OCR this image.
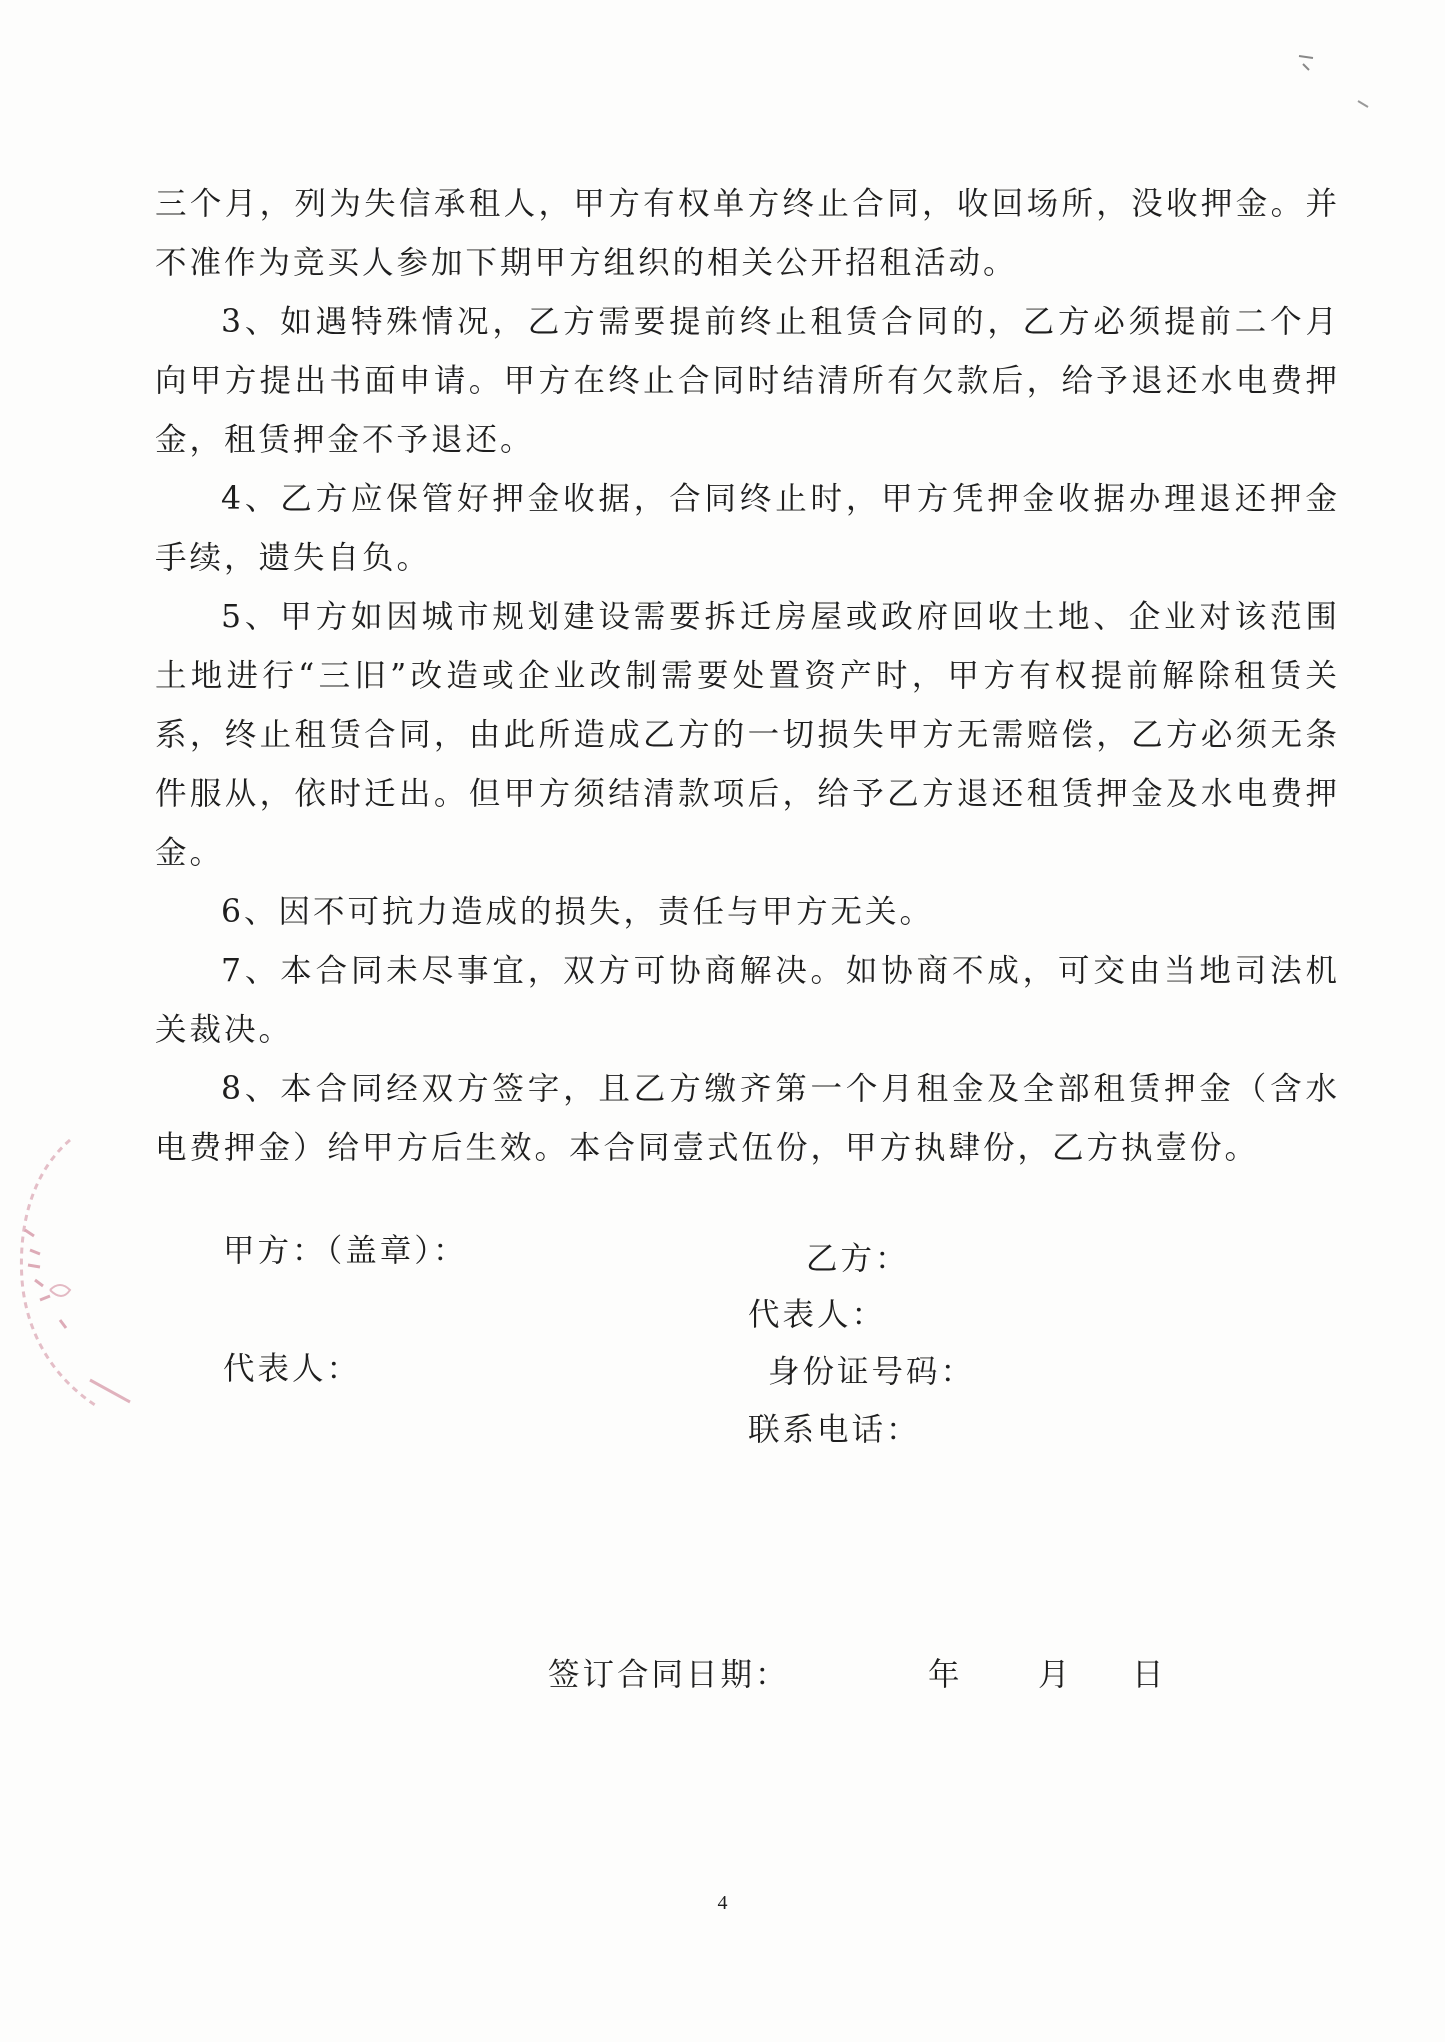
三个月，列为失信承租人，甲方有权单方终止合同，收回场所，没收押金。并不准作为竞买人参加下期甲方组织的相关公开招租活动。

3、如遇特殊情况，乙方需要提前终止租赁合同的，乙方必须提前二个月向甲方提出书面申请。甲方在终止合同时结清所有欠款后，给予退还水电费押金，租赁押金不予退还。

4、乙方应保管好押金收据，合同终止时，甲方凭押金收据办理退还押金手续，遗失自负。

5、甲方如因城市规划建设需要拆迁房屋或政府回收土地、企业对该范围土地进行“三旧”改造或企业改制需要处置资产时，甲方有权提前解除租赁关系，终止租赁合同，由此所造成乙方的一切损失甲方无需赔偿，乙方必须无条件服从，依时迁出。但甲方须结清款项后，给予乙方退还租赁押金及水电费押金。

6、因不可抗力造成的损失，责任与甲方无关。

7、本合同未尽事宜，双方可协商解决。如协商不成，可交由当地司法机关裁决。

8、本合同经双方签字，且乙方缴齐第一个月租金及全部租赁押金（含水电费押金）给甲方后生效。本合同壹式伍份，甲方执肆份，乙方执壹份。

甲方：（盖章）：
代表人：
乙方：
代表人：
身份证号码：
联系电话：
签订合同日期：	年 月 日
4
